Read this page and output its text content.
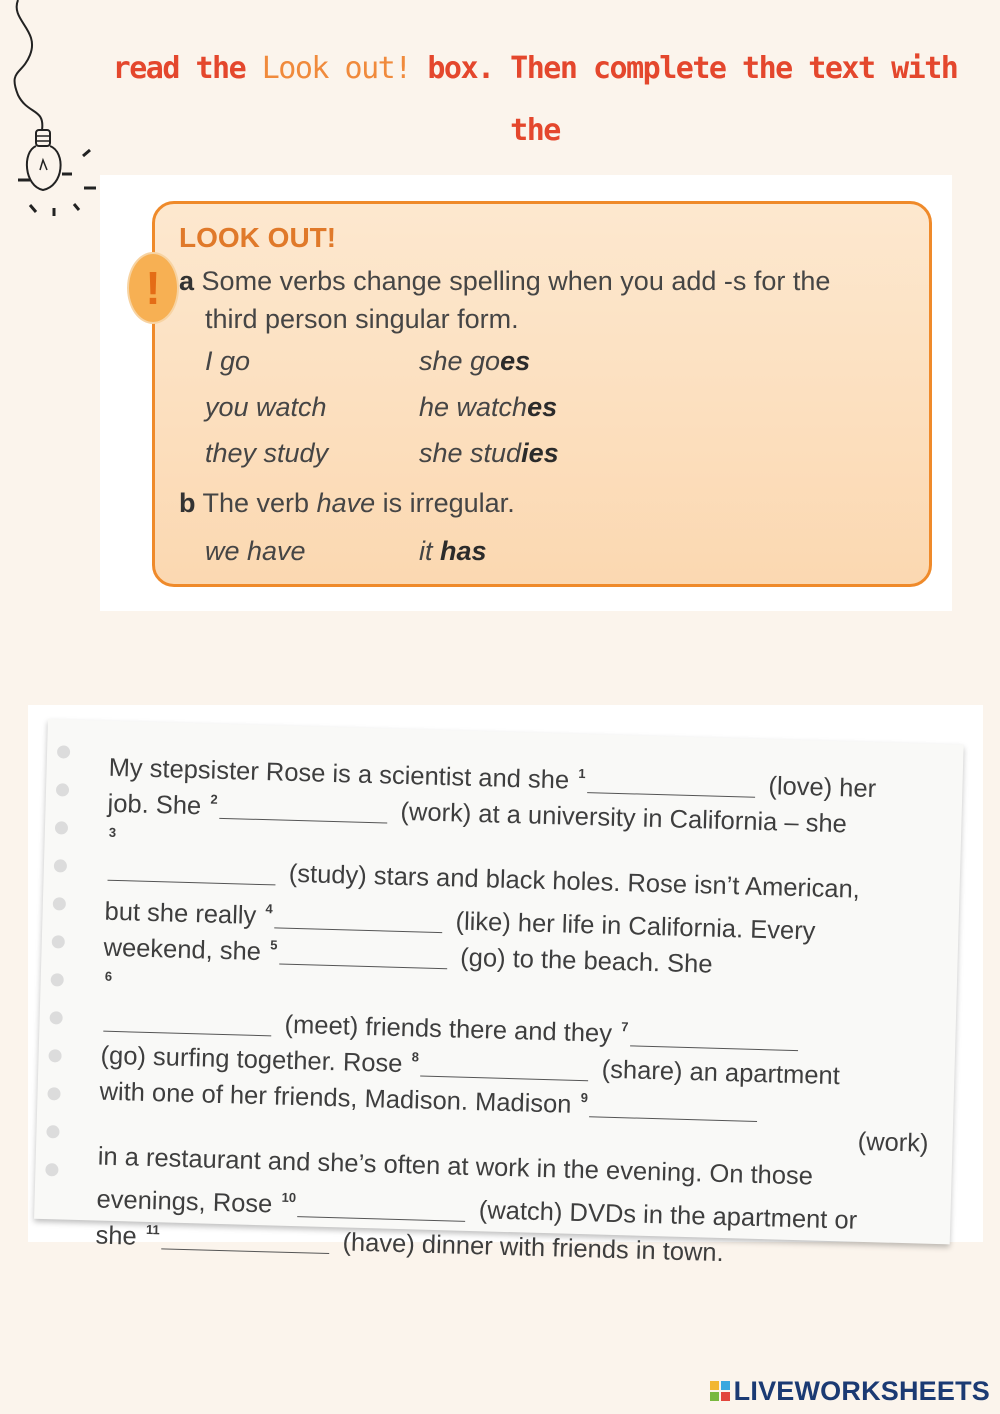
read the Look out! box. Then complete the text with the
!
LOOK OUT!
a Some verbs change spelling when you add -s for the
third person singular form.
I go	she goes
you watch	he watches
they study	she studies
b The verb have is irregular.
we have	it has
My stepsister Rose is a scientist and she $^1$	(love) her
job. She $^2$	(work) at a university in California – she
$^3$
(study) stars and black holes. Rose isn’t American,
but she really $^4$	(like) her life in California. Every
weekend, she $^5$	(go) to the beach. She
$^6$
(meet) friends there and they $^7$
(go) surfing together. Rose $^8$	(share) an apartment
with one of her friends, Madison. Madison $^9$
(work)
in a restaurant and she’s often at work in the evening. On those
evenings, Rose $^{10}$	(watch) DVDs in the apartment or
she $^{11}$	(have) dinner with friends in town.
LIVEWORKSHEETS
